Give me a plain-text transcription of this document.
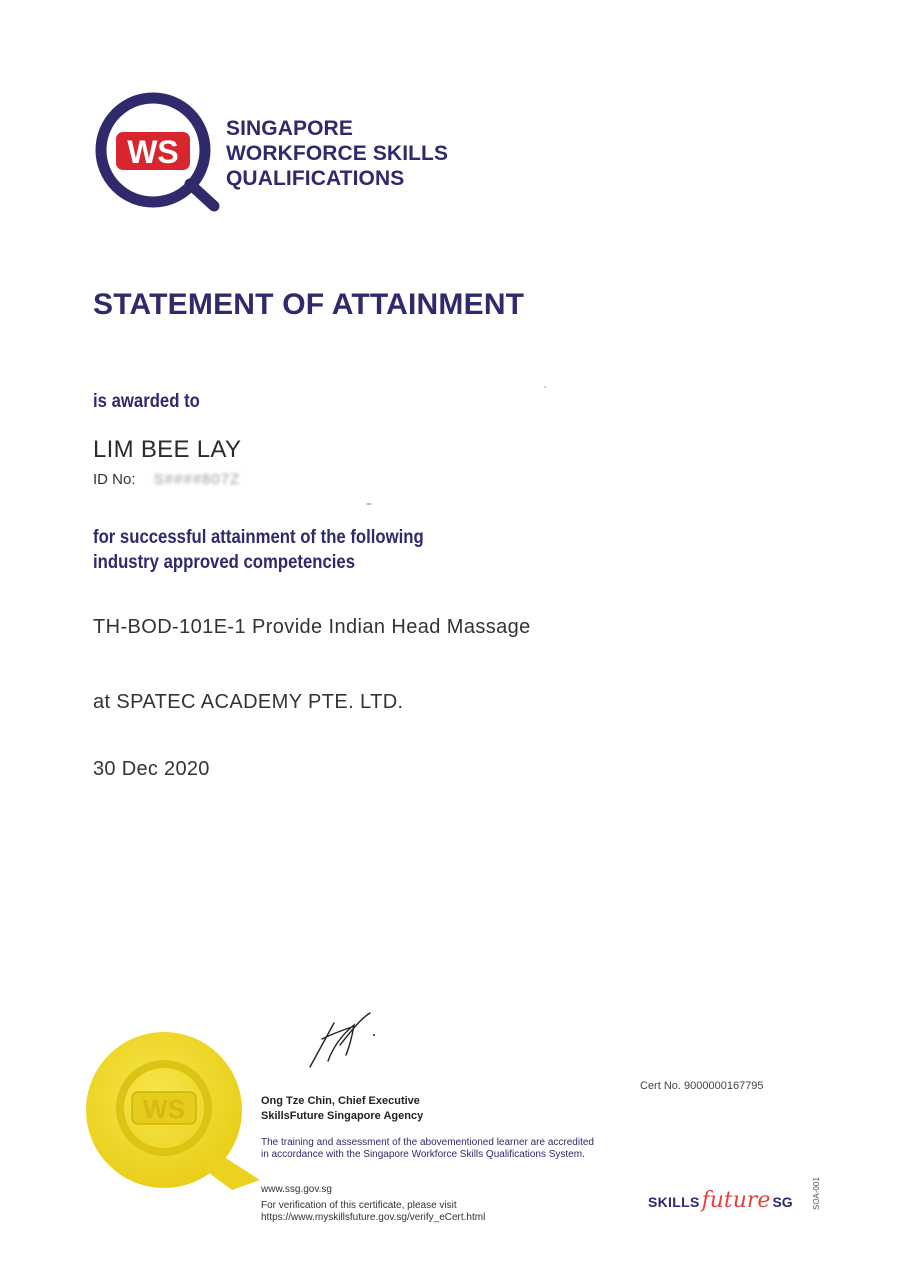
WS
SINGAPORE
WORKFORCE SKILLS
QUALIFICATIONS
STATEMENT OF ATTAINMENT
is awarded to
LIM BEE LAY
ID No: S####807Z
for successful attainment of the following
industry approved competencies
TH-BOD-101E-1 Provide Indian Head Massage
at SPATEC ACADEMY PTE. LTD.
30 Dec 2020
WS	Ong Tze Chin, Chief Executive
SkillsFuture Singapore Agency
The training and assessment of the abovementioned learner are accredited
in accordance with the Singapore Workforce Skills Qualifications System.
www.ssg.gov.sg
For verification of this certificate, please visit
https://www.myskillsfuture.gov.sg/verify_eCert.html
Cert No. 9000000167795
SKILLSfuture SG SOA-001
